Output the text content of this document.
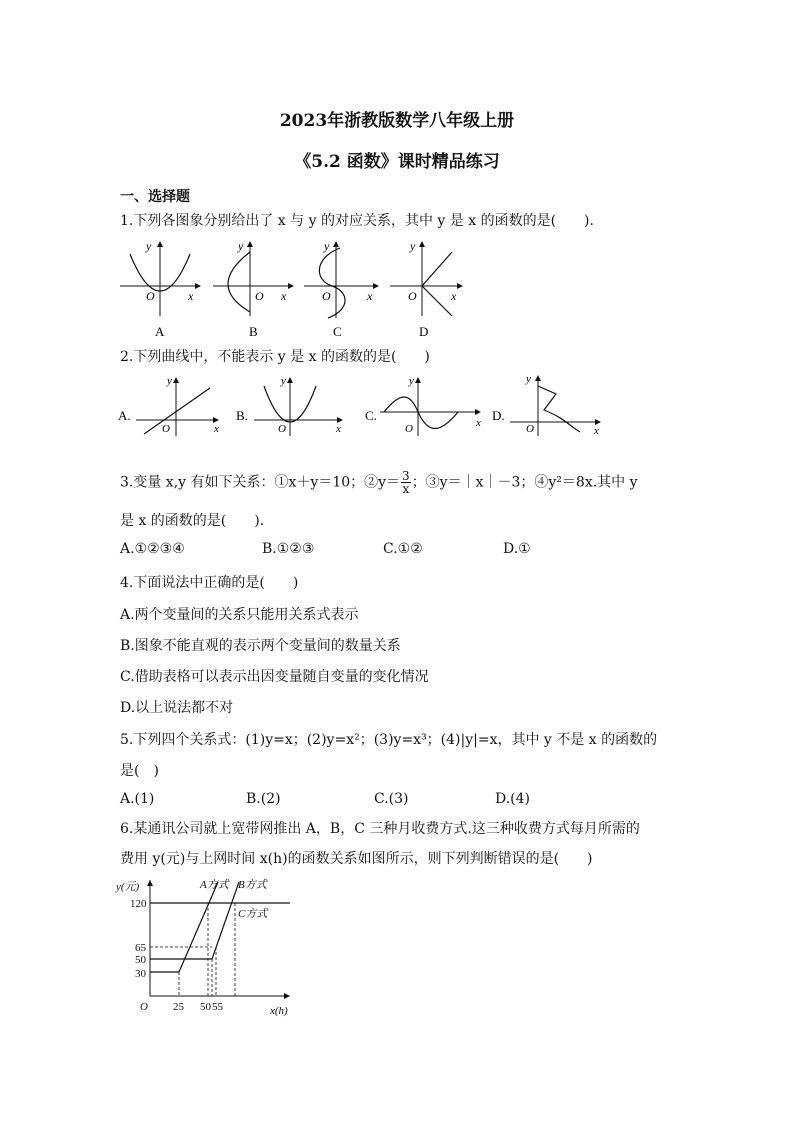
2023年浙教版数学八年级上册
《5.2 函数》课时精品练习
一、选择题
1.下列各图象分别给出了 x 与 y 的对应关系，其中 y 是 x 的函数的是(　　).
O	x
y
A
O x
y
B
O	x
y
C
O	x
y
D
2.下列曲线中，不能表示 y 是 x 的函数的是(　　)
A.
O	x
y
B.
O	x
y
C.
O	x
y
D.
O	x
y
3.变量 x,y 有如下关系：①x＋y＝10；②y＝ $\frac{3}{x}$ ；③y＝｜x｜－3；④y²＝8x.其中 y
是 x 的函数的是(　　).
A.①②③④	B.①②③	C.①②	D.①
4.下面说法中正确的是(　　)
A.两个变量间的关系只能用关系式表示
B.图象不能直观的表示两个变量间的数量关系
C.借助表格可以表示出因变量随自变量的变化情况
D.以上说法都不对
5.下列四个关系式：(1)y=x；(2)y=x²；(3)y=x³；(4)|y|=x，其中 y 不是 x 的函数的
是(　)
A.(1)	B.(2)	C.(3)	D.(4)
6.某通讯公司就上宽带网推出 A，B，C 三种月收费方式.这三种收费方式每月所需的
费用 y(元)与上网时间 x(h)的函数关系如图所示，则下列判断错误的是(　　)
y(元)
x(h)
O
120
65
50
30
25 50 55
A方式 B方式
C方式
